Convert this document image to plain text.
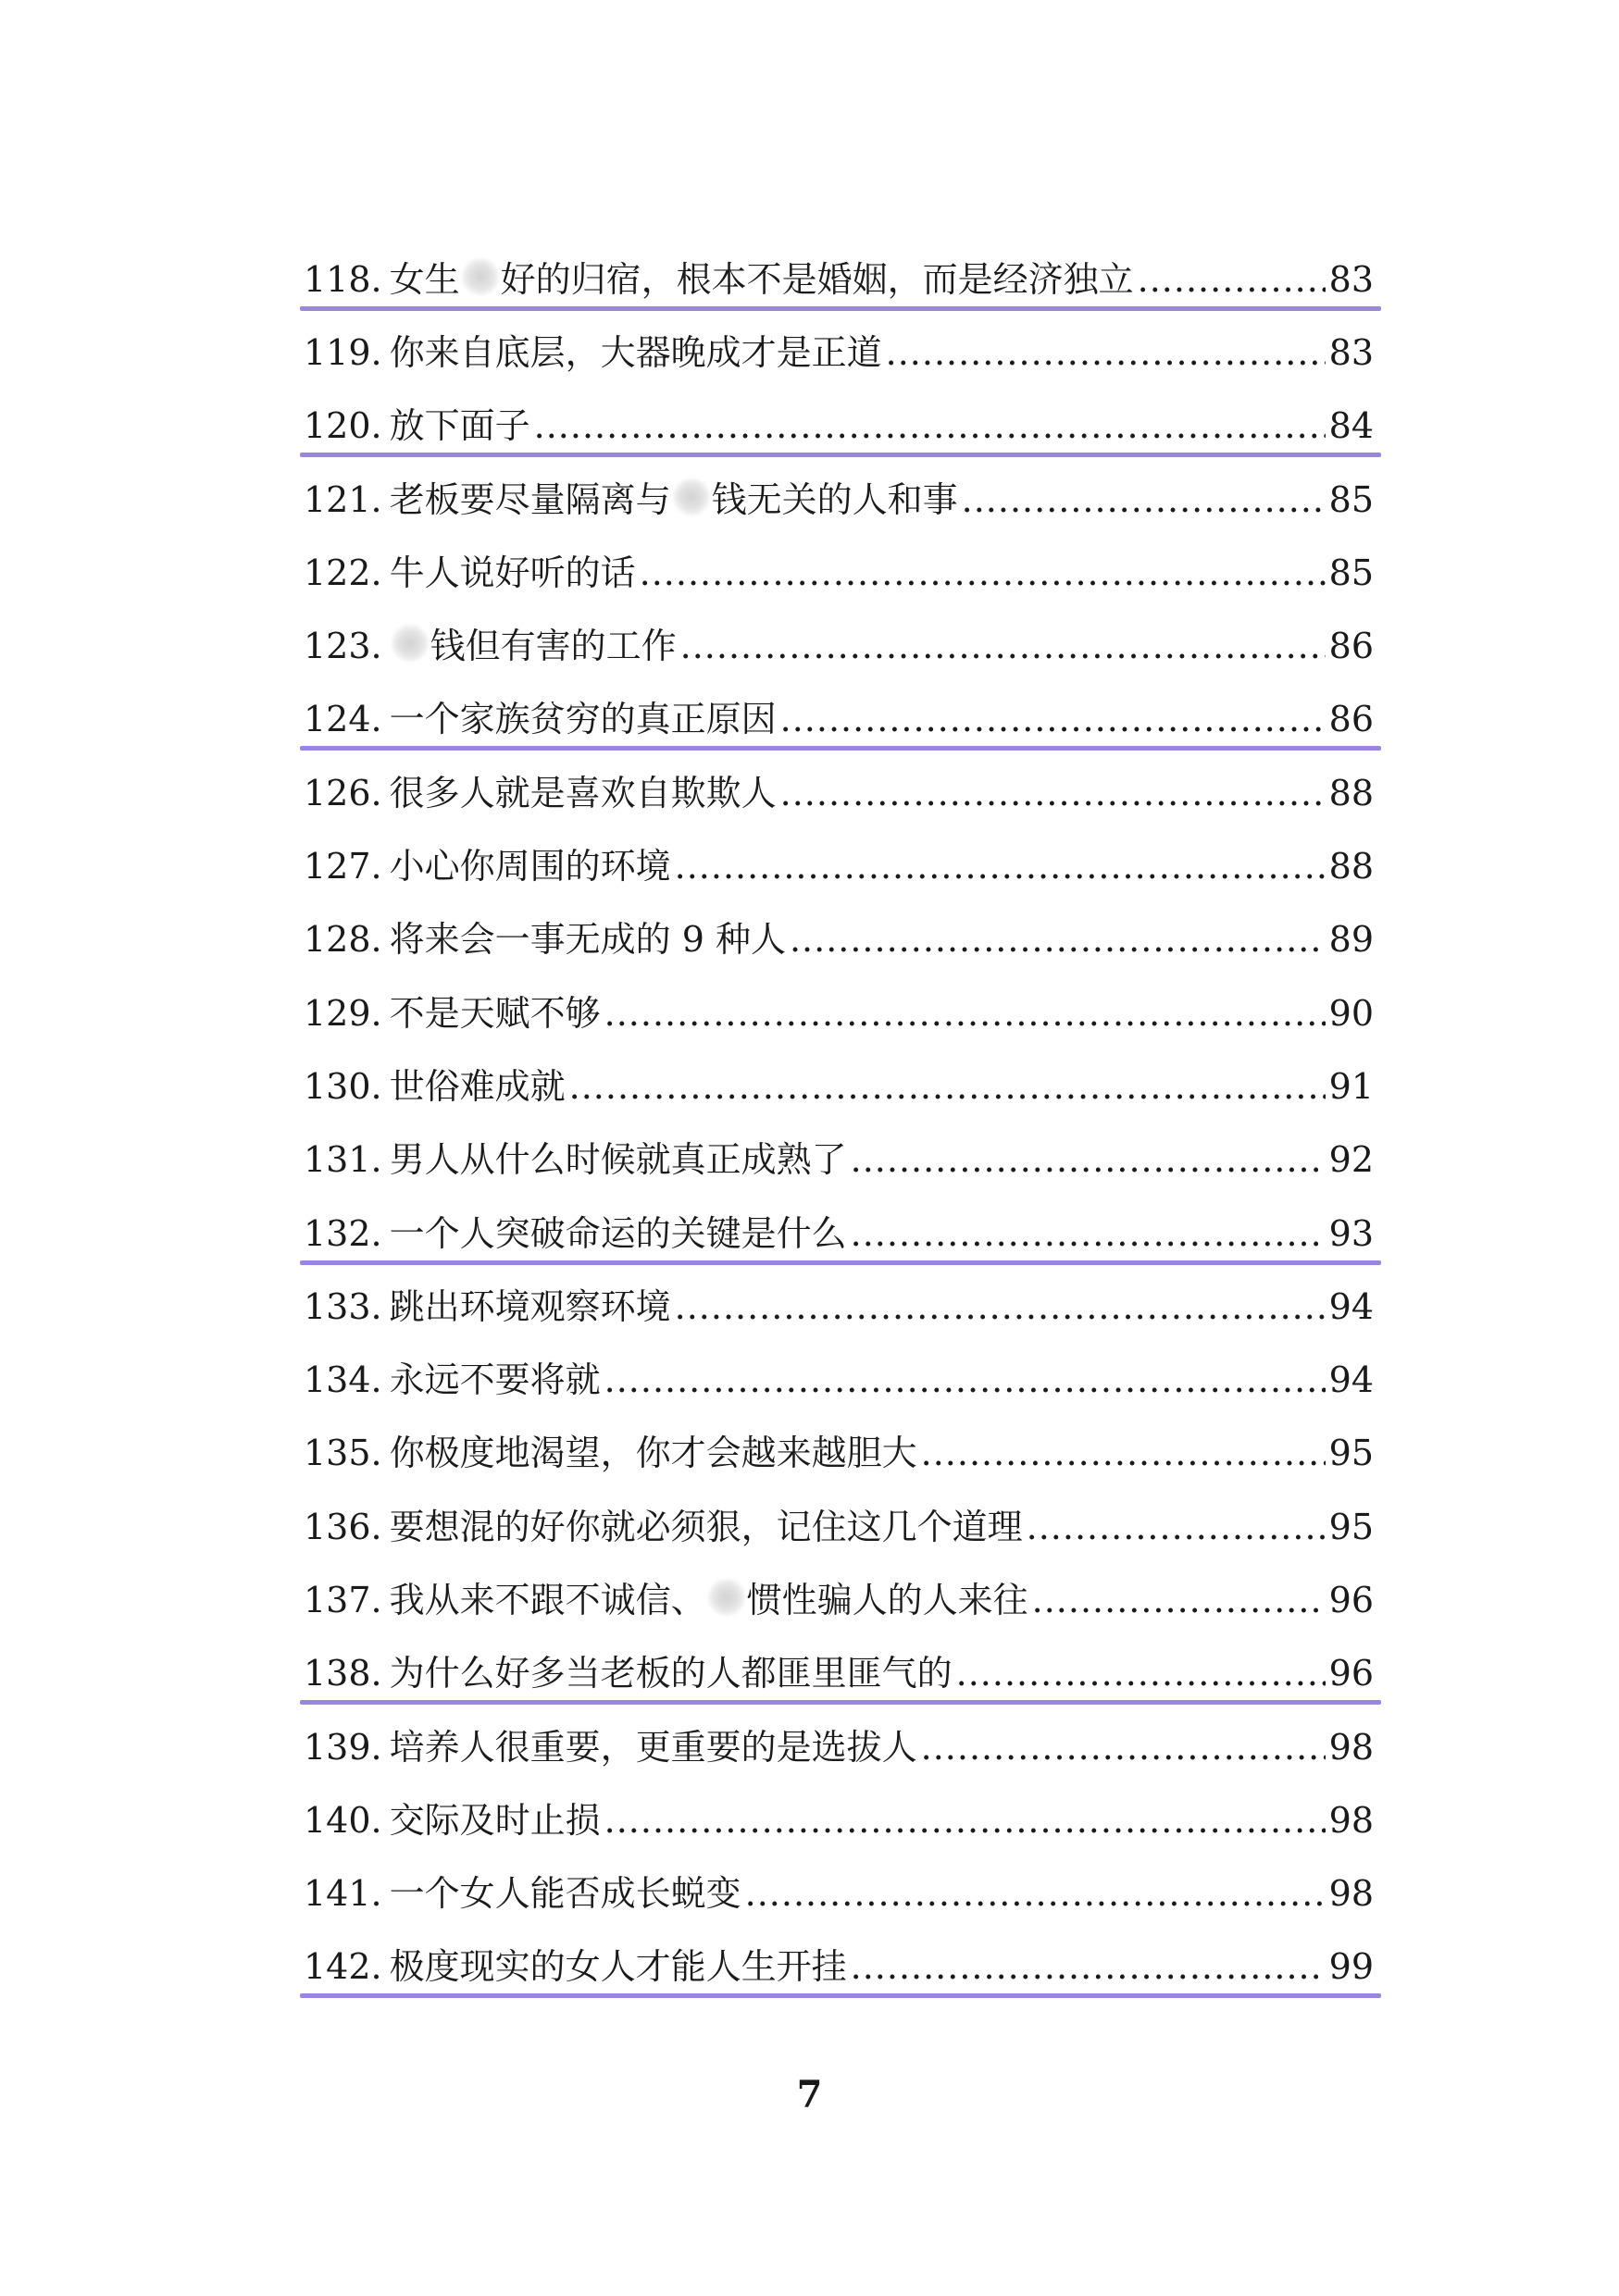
118. 女生 好的归宿，根本不是婚姻，而是经济独立 .....	83
119. 你来自底层，大器晚成才是正道 .....	83
120. 放下面子 .....	84
121. 老板要尽量隔离与 钱无关的人和事 .....	85
122. 牛人说好听的话 .....	85
123.	钱但有害的工作 .....	86
124. 一个家族贫穷的真正原因 .....	86
126. 很多人就是喜欢自欺欺人 .....	88
127. 小心你周围的环境 .....	88
128. 将来会一事无成的 9 种人 .....	89
129. 不是天赋不够 .....	90
130. 世俗难成就 .....	91
131. 男人从什么时候就真正成熟了 .....	92
132. 一个人突破命运的关键是什么 .....	93
133. 跳出环境观察环境 .....	94
134. 永远不要将就 .....	94
135. 你极度地渴望，你才会越来越胆大 .....	95
136. 要想混的好你就必须狠，记住这几个道理 .....	95
137. 我从来不跟不诚信、 惯性骗人的人来往 .....	96
138. 为什么好多当老板的人都匪里匪气的 .....	96
139. 培养人很重要，更重要的是选拔人 .....	98
140. 交际及时止损 .....	98
141. 一个女人能否成长蜕变 .....	98
142. 极度现实的女人才能人生开挂 .....	99
7
